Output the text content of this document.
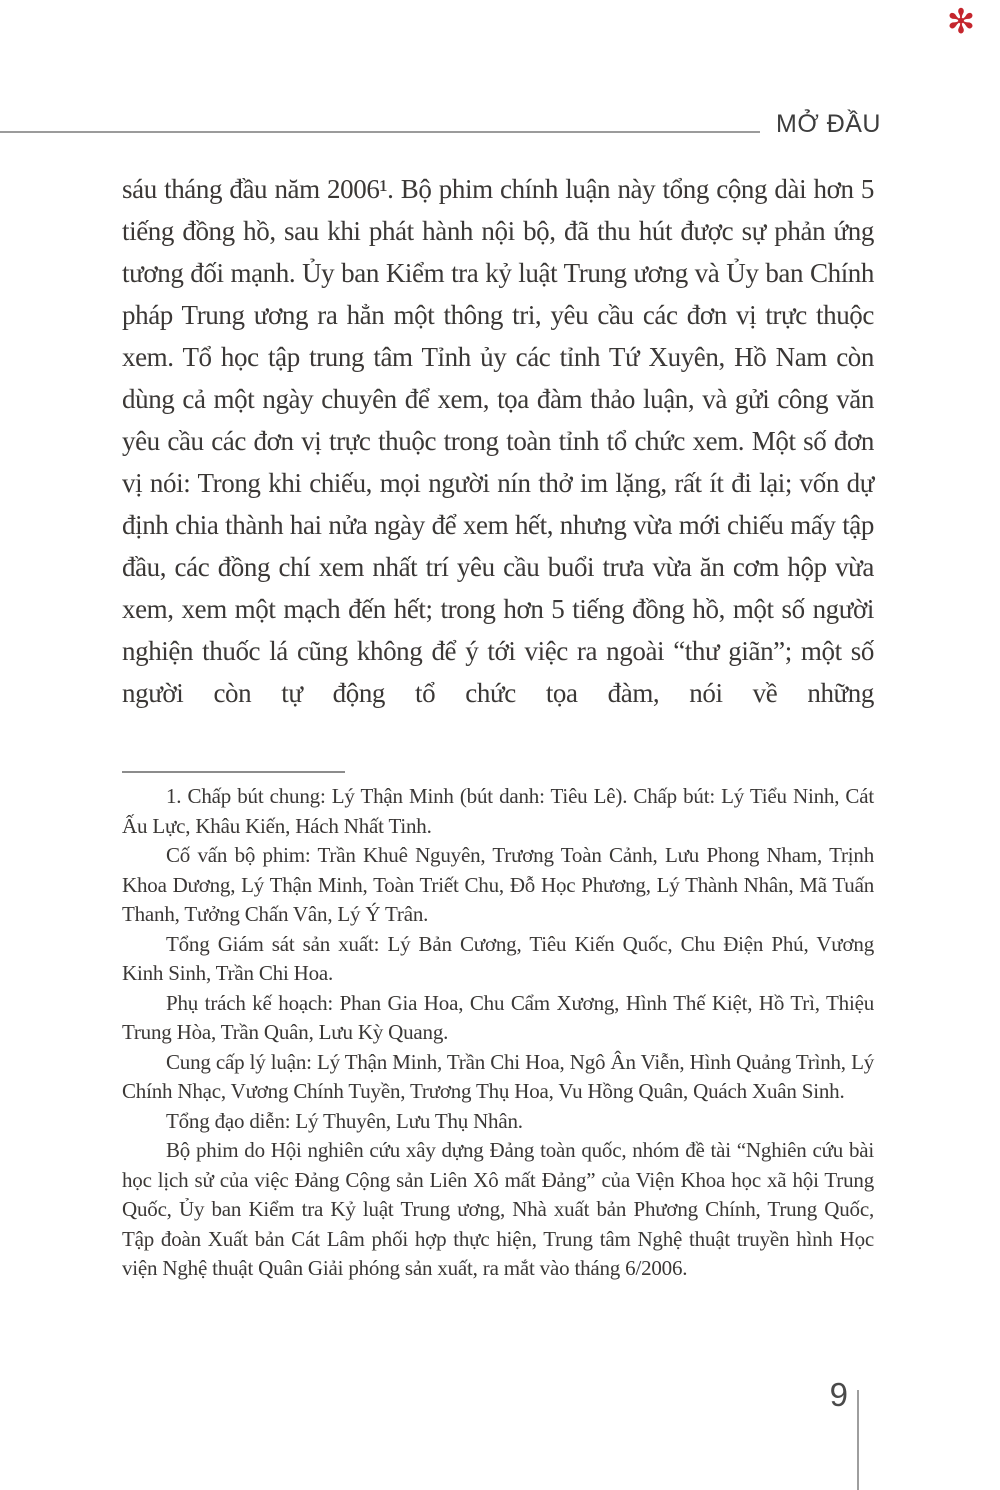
✻
MỞ ĐẦU

sáu tháng đầu năm 2006¹. Bộ phim chính luận này tổng cộng dài hơn 5 tiếng đồng hồ, sau khi phát hành nội bộ, đã thu hút được sự phản ứng tương đối mạnh. Ủy ban Kiểm tra kỷ luật Trung ương và Ủy ban Chính pháp Trung ương ra hẳn một thông tri, yêu cầu các đơn vị trực thuộc xem. Tổ học tập trung tâm Tỉnh ủy các tỉnh Tứ Xuyên, Hồ Nam còn dùng cả một ngày chuyên để xem, tọa đàm thảo luận, và gửi công văn yêu cầu các đơn vị trực thuộc trong toàn tỉnh tổ chức xem. Một số đơn vị nói: Trong khi chiếu, mọi người nín thở im lặng, rất ít đi lại; vốn dự định chia thành hai nửa ngày để xem hết, nhưng vừa mới chiếu mấy tập đầu, các đồng chí xem nhất trí yêu cầu buổi trưa vừa ăn cơm hộp vừa xem, xem một mạch đến hết; trong hơn 5 tiếng đồng hồ, một số người nghiện thuốc lá cũng không để ý tới việc ra ngoài “thư giãn”; một số người còn tự động tổ chức tọa đàm, nói về những

1. Chấp bút chung: Lý Thận Minh (bút danh: Tiêu Lê). Chấp bút: Lý Tiểu Ninh, Cát Ấu Lực, Khâu Kiến, Hách Nhất Tinh.

Cố vấn bộ phim: Trần Khuê Nguyên, Trương Toàn Cảnh, Lưu Phong Nham, Trịnh Khoa Dương, Lý Thận Minh, Toàn Triết Chu, Đỗ Học Phương, Lý Thành Nhân, Mã Tuấn Thanh, Tưởng Chấn Vân, Lý Ý Trân.

Tổng Giám sát sản xuất: Lý Bản Cương, Tiêu Kiến Quốc, Chu Điện Phú, Vương Kinh Sinh, Trần Chi Hoa.

Phụ trách kế hoạch: Phan Gia Hoa, Chu Cẩm Xương, Hình Thế Kiệt, Hồ Trì, Thiệu Trung Hòa, Trần Quân, Lưu Kỳ Quang.

Cung cấp lý luận: Lý Thận Minh, Trần Chi Hoa, Ngô Ân Viễn, Hình Quảng Trình, Lý Chính Nhạc, Vương Chính Tuyền, Trương Thụ Hoa, Vu Hồng Quân, Quách Xuân Sinh.

Tổng đạo diễn: Lý Thuyên, Lưu Thụ Nhân.

Bộ phim do Hội nghiên cứu xây dựng Đảng toàn quốc, nhóm đề tài “Nghiên cứu bài học lịch sử của việc Đảng Cộng sản Liên Xô mất Đảng” của Viện Khoa học xã hội Trung Quốc, Ủy ban Kiểm tra Kỷ luật Trung ương, Nhà xuất bản Phương Chính, Trung Quốc, Tập đoàn Xuất bản Cát Lâm phối hợp thực hiện, Trung tâm Nghệ thuật truyền hình Học viện Nghệ thuật Quân Giải phóng sản xuất, ra mắt vào tháng 6/2006.

9
